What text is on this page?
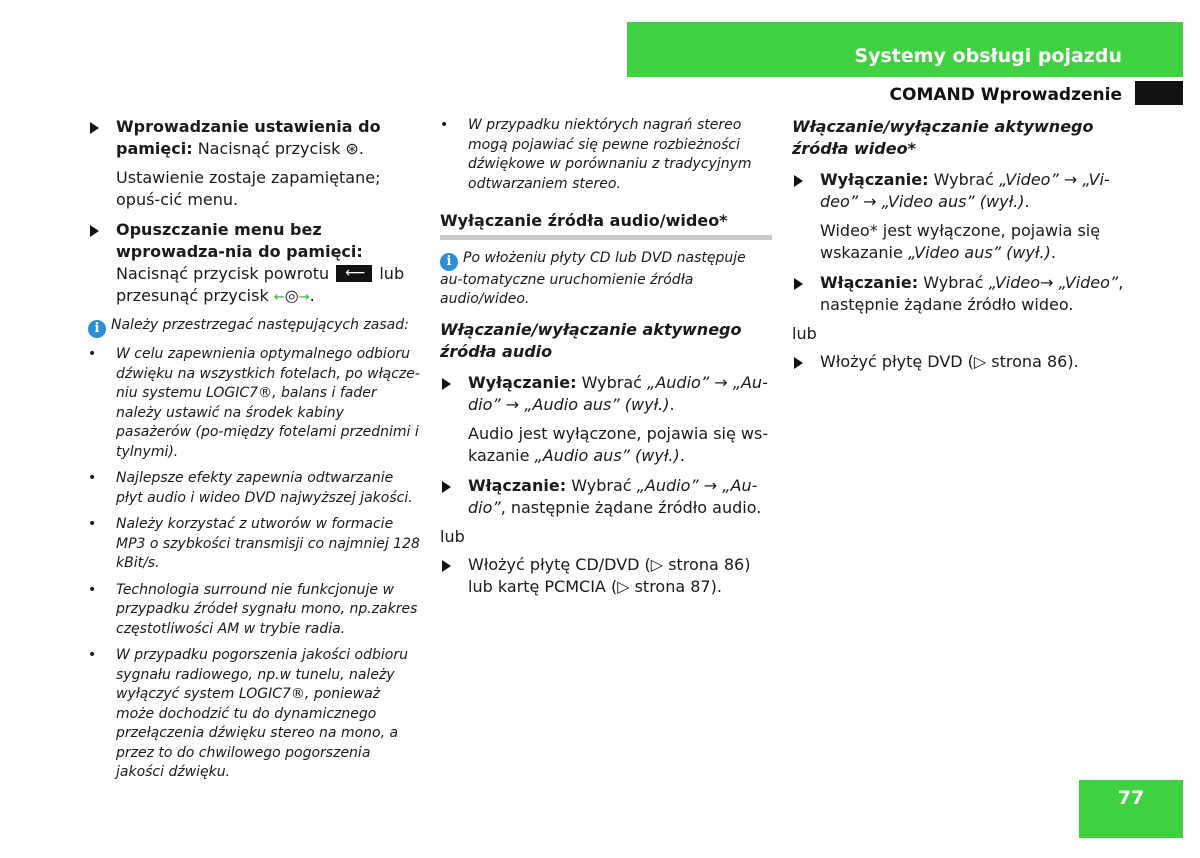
Systemy obsługi pojazdu
COMAND Wprowadzenie

Wprowadzanie ustawienia do pamięci: Nacisnąć przycisk ⊛.

Ustawienie zostaje zapamiętane; opuś-cić menu.

Opuszczanie menu bez wprowadza-nia do pamięci: Nacisnąć przycisk powrotu ⟵	lub przesunąć przycisk ←◎→.

i Należy przestrzegać następujących zasad:

• W celu zapewnienia optymalnego odbioru dźwięku na wszystkich fotelach, po włącze-niu systemu LOGIC7®, balans i fader należy ustawić na środek kabiny pasażerów (po-między fotelami przednimi i tylnymi).

• Najlepsze efekty zapewnia odtwarzanie płyt audio i wideo DVD najwyższej jakości.

• Należy korzystać z utworów w formacie MP3 o szybkości transmisji co najmniej 128 kBit/s.

• Technologia surround nie funkcjonuje w przypadku źródeł sygnału mono, np.zakres częstotliwości AM w trybie radia.

• W przypadku pogorszenia jakości odbioru sygnału radiowego, np.w tunelu, należy wyłączyć system LOGIC7®, ponieważ może dochodzić tu do dynamicznego przełączenia dźwięku stereo na mono, a przez to do chwilowego pogorszenia jakości dźwięku.

• W przypadku niektórych nagrań stereo mogą pojawiać się pewne rozbieżności dźwiękowe w porównaniu z tradycyjnym odtwarzaniem stereo.

Wyłączanie źródła audio/wideo*

i Po włożeniu płyty CD lub DVD następuje au-tomatyczne uruchomienie źródła audio/wideo.

Włączanie/wyłączanie aktywnego źródła audio

Wyłączanie: Wybrać „Audio” → „Au-dio” → „Audio aus” (wył.).

Audio jest wyłączone, pojawia się ws-kazanie „Audio aus” (wył.).

Włączanie: Wybrać „Audio” → „Au-dio”, następnie żądane źródło audio.

lub

Włożyć płytę CD/DVD (▷ strona 86) lub kartę PCMCIA (▷ strona 87).

Włączanie/wyłączanie aktywnego źródła wideo*

Wyłączanie: Wybrać „Video” → „Vi-deo” → „Video aus” (wył.).

Wideo* jest wyłączone, pojawia się wskazanie „Video aus” (wył.).

Włączanie: Wybrać „Video→ „Video”, następnie żądane źródło wideo.

lub

Włożyć płytę DVD (▷ strona 86).

77
